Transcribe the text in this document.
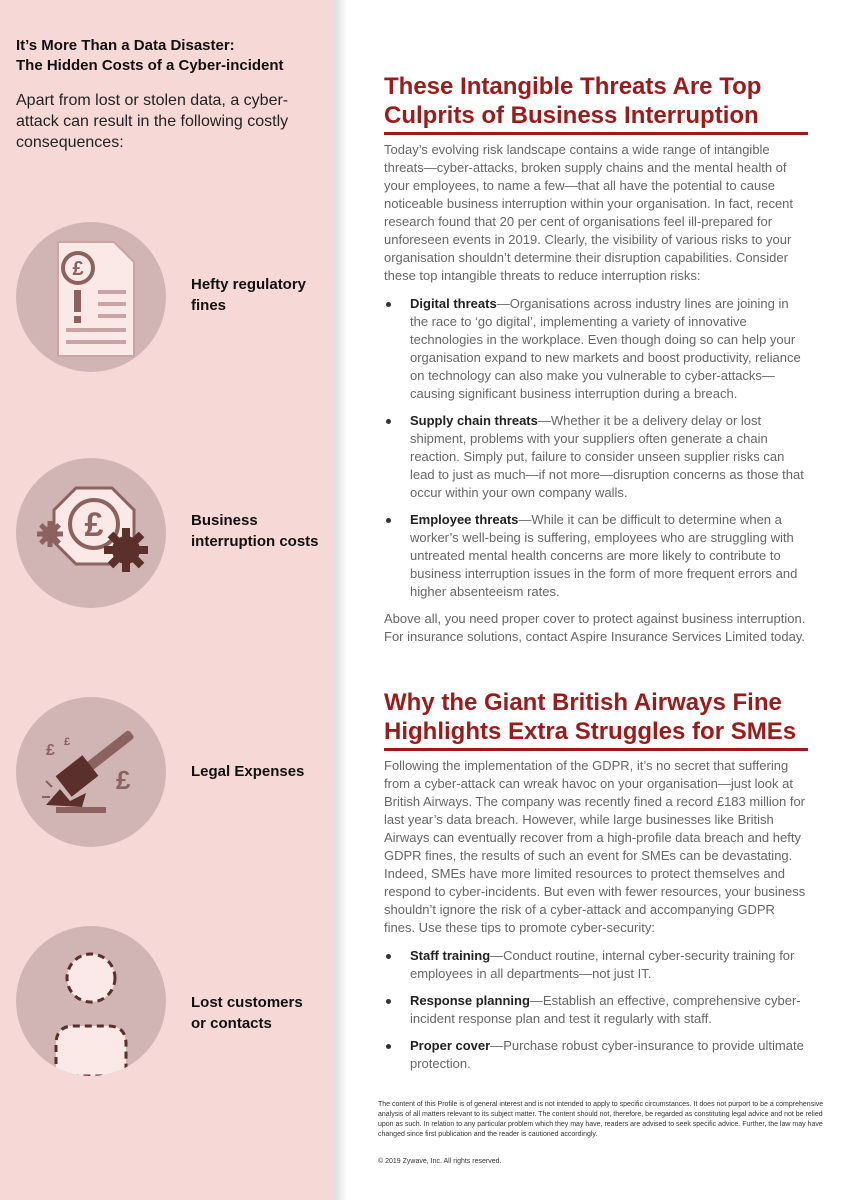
It’s More Than a Data Disaster:
The Hidden Costs of a Cyber-incident
Apart from lost or stolen data, a cyber-attack can result in the following costly consequences:
£
Hefty regulatory
fines
£	Business
interruption costs
£ £
£	Legal Expenses
Lost customers
or contacts
These Intangible Threats Are Top Culprits of Business Interruption

Today’s evolving risk landscape contains a wide range of intangible threats—cyber-attacks, broken supply chains and the mental health of your employees, to name a few—that all have the potential to cause noticeable business interruption within your organisation. In fact, recent research found that 20 per cent of organisations feel ill-prepared for unforeseen events in 2019. Clearly, the visibility of various risks to your organisation shouldn’t determine their disruption capabilities. Consider these top intangible threats to reduce interruption risks:

Digital threats—Organisations across industry lines are joining in the race to ‘go digital’, implementing a variety of innovative technologies in the workplace. Even though doing so can help your organisation expand to new markets and boost productivity, reliance on technology can also make you vulnerable to cyber-attacks—causing significant business interruption during a breach.
Supply chain threats—Whether it be a delivery delay or lost shipment, problems with your suppliers often generate a chain reaction. Simply put, failure to consider unseen supplier risks can lead to just as much—if not more—disruption concerns as those that occur within your own company walls.
Employee threats—While it can be difficult to determine when a worker’s well-being is suffering, employees who are struggling with untreated mental health concerns are more likely to contribute to business interruption issues in the form of more frequent errors and higher absenteeism rates.

Above all, you need proper cover to protect against business interruption. For insurance solutions, contact Aspire Insurance Services Limited today.

Why the Giant British Airways Fine Highlights Extra Struggles for SMEs

Following the implementation of the GDPR, it’s no secret that suffering from a cyber-attack can wreak havoc on your organisation—just look at British Airways. The company was recently fined a record £183 million for last year’s data breach. However, while large businesses like British Airways can eventually recover from a high-profile data breach and hefty GDPR fines, the results of such an event for SMEs can be devastating. Indeed, SMEs have more limited resources to protect themselves and respond to cyber-incidents. But even with fewer resources, your business shouldn’t ignore the risk of a cyber-attack and accompanying GDPR fines. Use these tips to promote cyber-security:

Staff training—Conduct routine, internal cyber-security training for employees in all departments—not just IT.
Response planning—Establish an effective, comprehensive cyber-incident response plan and test it regularly with staff.
Proper cover—Purchase robust cyber-insurance to provide ultimate protection.
The content of this Profile is of general interest and is not intended to apply to specific circumstances. It does not purport to be a comprehensive analysis of all matters relevant to its subject matter. The content should not, therefore, be regarded as constituting legal advice and not be relied upon as such. In relation to any particular problem which they may have, readers are advised to seek specific advice. Further, the law may have changed since first publication and the reader is cautioned accordingly.
© 2019 Zywave, Inc. All rights reserved.
